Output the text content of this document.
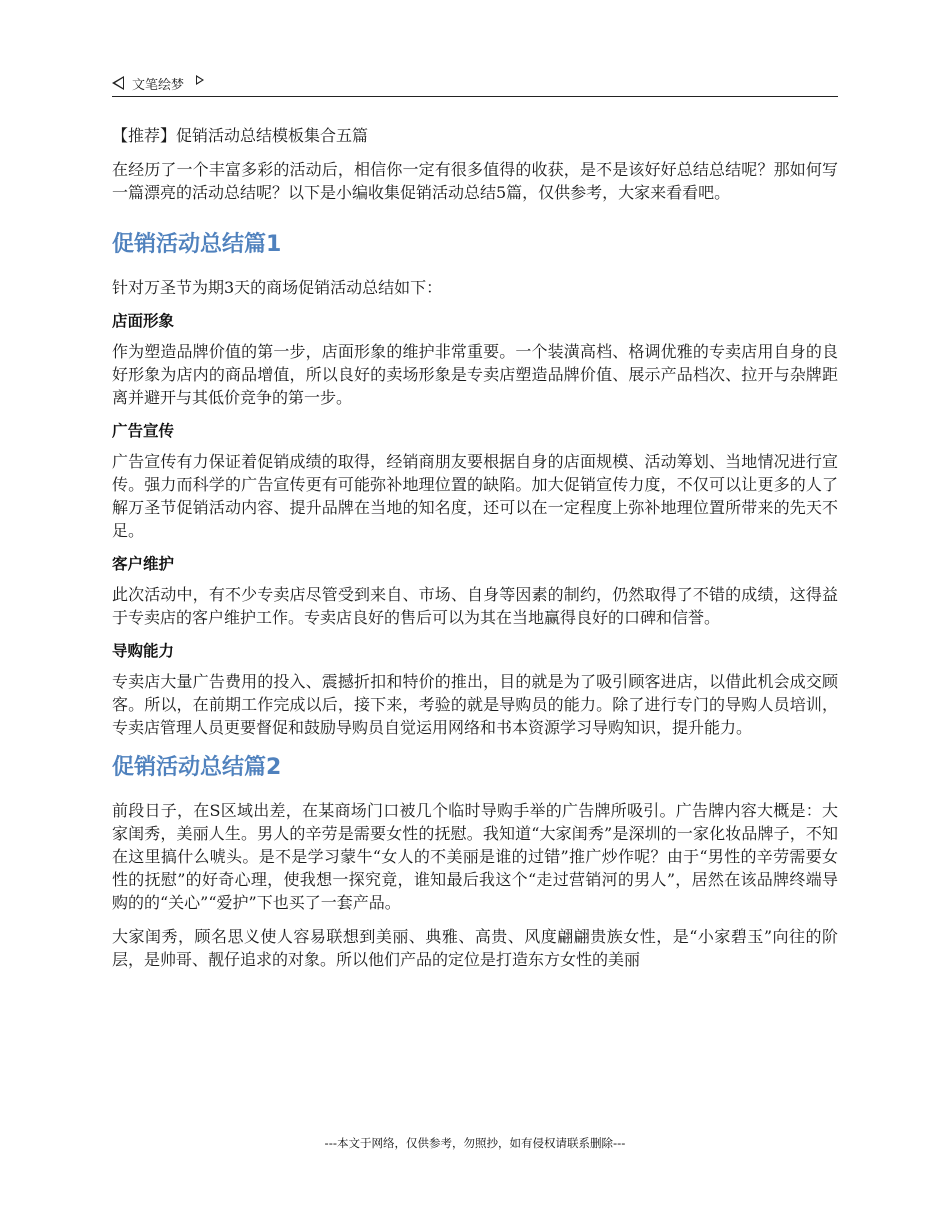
文笔绘梦

【推荐】促销活动总结模板集合五篇

在经历了一个丰富多彩的活动后，相信你一定有很多值得的收获，是不是该好好总结总结呢？那如何写一篇漂亮的活动总结呢？以下是小编收集促销活动总结5篇，仅供参考，大家来看看吧。

促销活动总结篇1

针对万圣节为期3天的商场促销活动总结如下：

店面形象

作为塑造品牌价值的第一步，店面形象的维护非常重要。一个装潢高档、格调优雅的专卖店用自身的良好形象为店内的商品增值，所以良好的卖场形象是专卖店塑造品牌价值、展示产品档次、拉开与杂牌距离并避开与其低价竞争的第一步。

广告宣传

广告宣传有力保证着促销成绩的取得，经销商朋友要根据自身的店面规模、活动筹划、当地情况进行宣传。强力而科学的广告宣传更有可能弥补地理位置的缺陷。加大促销宣传力度，不仅可以让更多的人了解万圣节促销活动内容、提升品牌在当地的知名度，还可以在一定程度上弥补地理位置所带来的先天不足。

客户维护

此次活动中，有不少专卖店尽管受到来自、市场、自身等因素的制约，仍然取得了不错的成绩，这得益于专卖店的客户维护工作。专卖店良好的售后可以为其在当地赢得良好的口碑和信誉。

导购能力

专卖店大量广告费用的投入、震撼折扣和特价的推出，目的就是为了吸引顾客进店，以借此机会成交顾客。所以，在前期工作完成以后，接下来，考验的就是导购员的能力。除了进行专门的导购人员培训，专卖店管理人员更要督促和鼓励导购员自觉运用网络和书本资源学习导购知识，提升能力。

促销活动总结篇2

前段日子，在S区域出差，在某商场门口被几个临时导购手举的广告牌所吸引。广告牌内容大概是：大家闺秀，美丽人生。男人的辛劳是需要女性的抚慰。我知道“大家闺秀”是深圳的一家化妆品牌子，不知在这里搞什么唬头。是不是学习蒙牛“女人的不美丽是谁的过错”推广炒作呢？由于“男性的辛劳需要女性的抚慰”的好奇心理，使我想一探究竟，谁知最后我这个“走过营销河的男人”，居然在该品牌终端导购的的“关心”“爱护”下也买了一套产品。

大家闺秀，顾名思义使人容易联想到美丽、典雅、高贵、风度翩翩贵族女性，是“小家碧玉”向往的阶层，是帅哥、靓仔追求的对象。所以他们产品的定位是打造东方女性的美丽

---本文于网络，仅供参考，勿照抄，如有侵权请联系删除---
